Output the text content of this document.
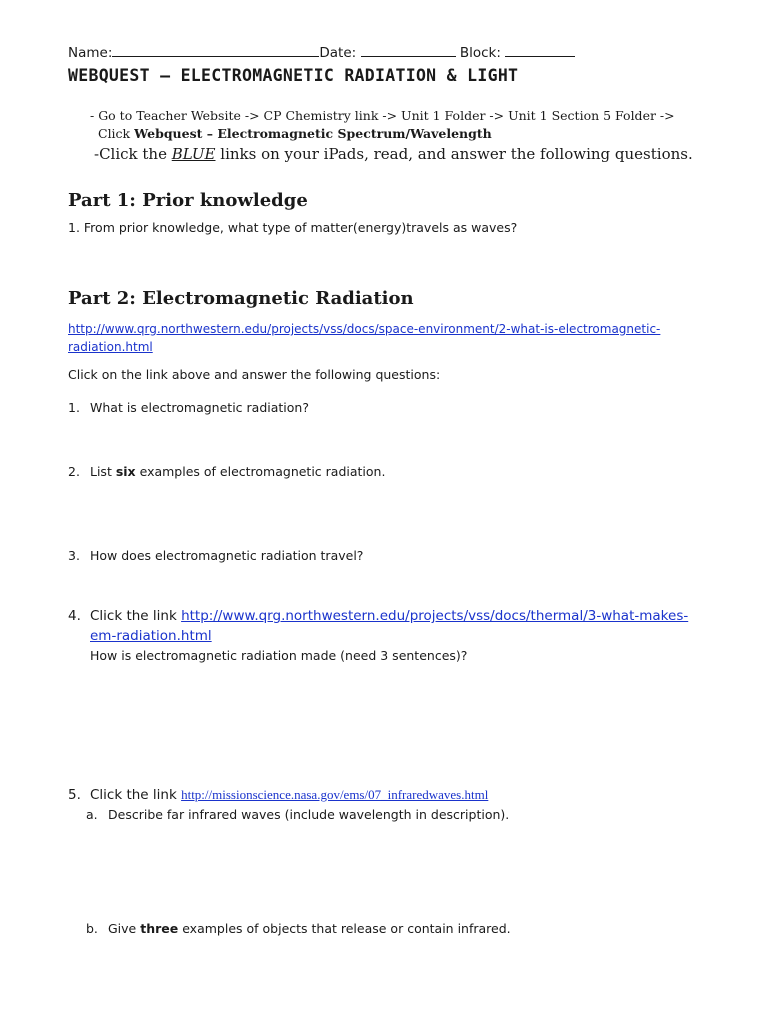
Name:	Date:	Block:
WEBQUEST – ELECTROMAGNETIC RADIATION & LIGHT
- Go to Teacher Website -> CP Chemistry link -> Unit 1 Folder -> Unit 1 Section 5 Folder ->
Click Webquest – Electromagnetic Spectrum/Wavelength
-Click the BLUE links on your iPads, read, and answer the following questions.
Part 1: Prior knowledge
1. From prior knowledge, what type of matter(energy)travels as waves?
Part 2: Electromagnetic Radiation
http://www.qrg.northwestern.edu/projects/vss/docs/space-environment/2-what-is-electromagnetic-
radiation.html
Click on the link above and answer the following questions:
1. What is electromagnetic radiation?
2. List six examples of electromagnetic radiation.
3. How does electromagnetic radiation travel?
4. Click the link http://www.qrg.northwestern.edu/projects/vss/docs/thermal/3-what-makes-
em-radiation.html
How is electromagnetic radiation made (need 3 sentences)?
5. Click the link http://missionscience.nasa.gov/ems/07_infraredwaves.html
a. Describe far infrared waves (include wavelength in description).
b. Give three examples of objects that release or contain infrared.
